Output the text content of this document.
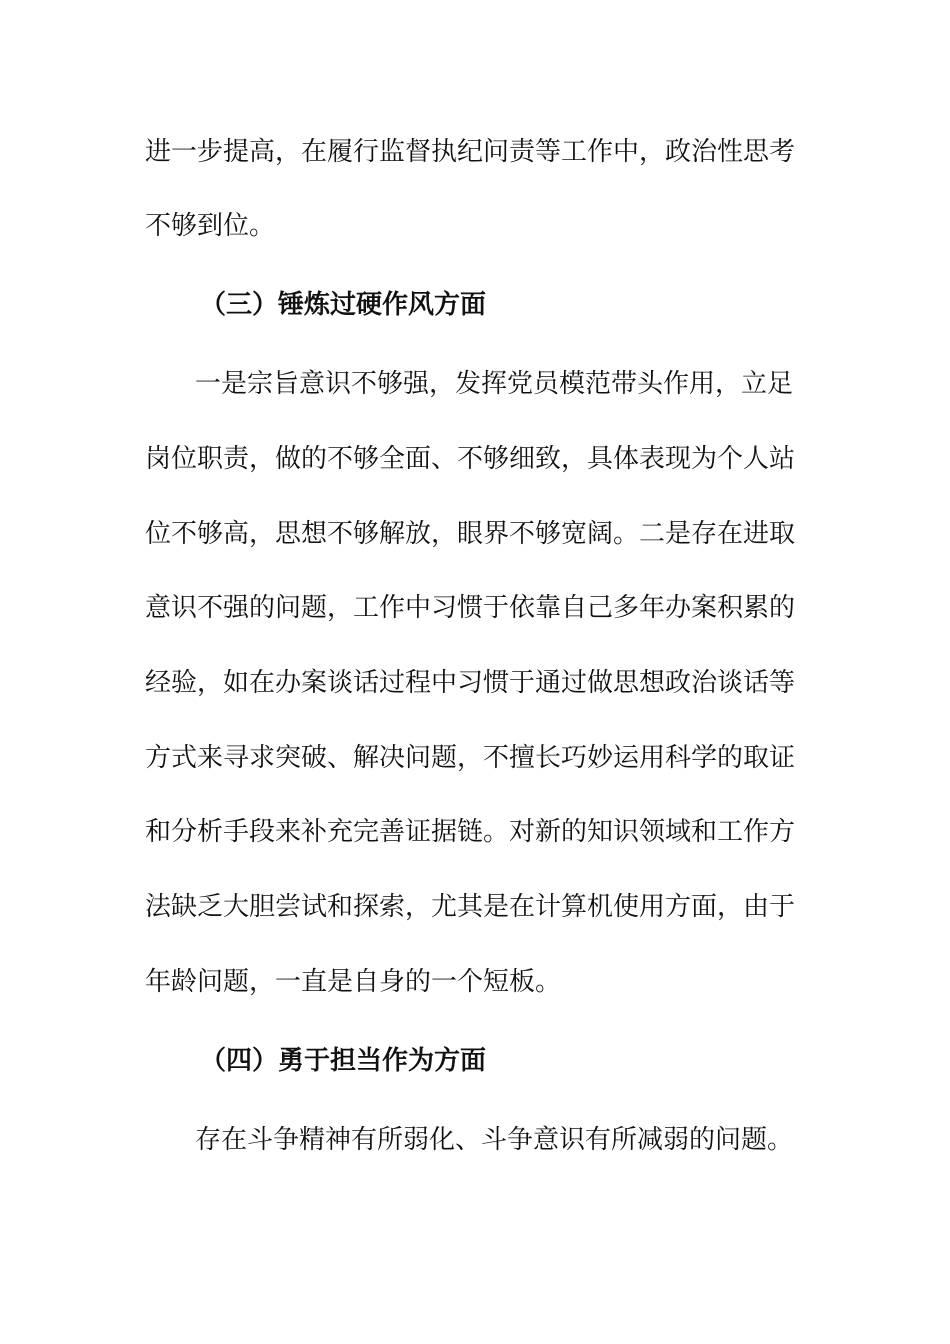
进一步提高，在履行监督执纪问责等工作中，政治性思考
不够到位。
（三）锤炼过硬作风方面
一是宗旨意识不够强，发挥党员模范带头作用，立足
岗位职责，做的不够全面、不够细致，具体表现为个人站
位不够高，思想不够解放，眼界不够宽阔。二是存在进取
意识不强的问题，工作中习惯于依靠自己多年办案积累的
经验，如在办案谈话过程中习惯于通过做思想政治谈话等
方式来寻求突破、解决问题，不擅长巧妙运用科学的取证
和分析手段来补充完善证据链。对新的知识领域和工作方
法缺乏大胆尝试和探索，尤其是在计算机使用方面，由于
年龄问题，一直是自身的一个短板。
（四）勇于担当作为方面
存在斗争精神有所弱化、斗争意识有所减弱的问题。
